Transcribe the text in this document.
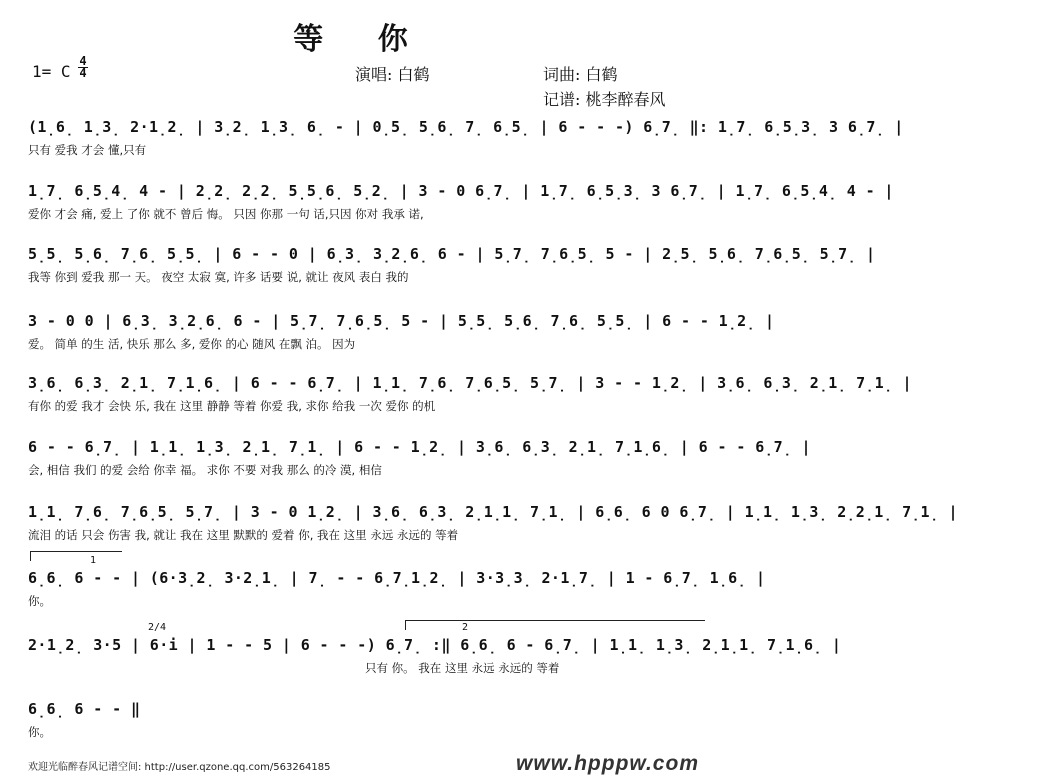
等 你
1= C
4
4	演唱: 白鹤	词曲: 白鹤
记谱: 桃李醉春风
(1̣6̣ 1̣3̣ 2·1̣2̣ | 3̣2̣ 1̣3̣ 6̣ - | 0̣5̣ 5̣6̣ 7̣ 6̣5̣ | 6 - - -) 6̣7̣ ‖: 1̣7̣ 6̣5̣3̣ 3 6̣7̣ |
只有 爱我 才会 懂,只有
1̣7̣ 6̣5̣4̣ 4 - | 2̣2̣ 2̣2̣ 5̣5̣6̣ 5̣2̣ | 3 - 0 6̣7̣ | 1̣7̣ 6̣5̣3̣ 3 6̣7̣ | 1̣7̣ 6̣5̣4̣ 4 - |
爱你 才会 痛, 爱上 了你 就不 曾后 悔。 只因 你那 一句 话,只因 你对 我承 诺,
5̣5̣ 5̣6̣ 7̣6̣ 5̣5̣ | 6 - - 0 | 6̣3̣ 3̣2̣6̣ 6 - | 5̣7̣ 7̣6̣5̣ 5 - | 2̣5̣ 5̣6̣ 7̣6̣5̣ 5̣7̣ |
我等 你到 爱我 那一 天。 夜空 太寂 寞, 许多 话要 说, 就让 夜风 表白 我的
3 - 0 0 | 6̣3̣ 3̣2̣6̣ 6 - | 5̣7̣ 7̣6̣5̣ 5 - | 5̣5̣ 5̣6̣ 7̣6̣ 5̣5̣ | 6 - - 1̣2̣ |
爱。 简单 的生 活, 快乐 那么 多, 爱你 的心 随风 在飘 泊。 因为
3̣6̣ 6̣3̣ 2̣1̣ 7̣1̣6̣ | 6 - - 6̣7̣ | 1̣1̣ 7̣6̣ 7̣6̣5̣ 5̣7̣ | 3 - - 1̣2̣ | 3̣6̣ 6̣3̣ 2̣1̣ 7̣1̣ |
有你 的爱 我才 会快 乐, 我在 这里 静静 等着 你爱 我, 求你 给我 一次 爱你 的机
6 - - 6̣7̣ | 1̣1̣ 1̣3̣ 2̣1̣ 7̣1̣ | 6 - - 1̣2̣ | 3̣6̣ 6̣3̣ 2̣1̣ 7̣1̣6̣ | 6 - - 6̣7̣ |
会, 相信 我们 的爱 会给 你幸 福。 求你 不要 对我 那么 的冷 漠, 相信
1̣1̣ 7̣6̣ 7̣6̣5̣ 5̣7̣ | 3 - 0 1̣2̣ | 3̣6̣ 6̣3̣ 2̣1̣1̣ 7̣1̣ | 6̣6̣ 6 0 6̣7̣ | 1̣1̣ 1̣3̣ 2̣2̣1̣ 7̣1̣ |
流泪 的话 只会 伤害 我, 就让 我在 这里 默默的 爱着 你, 我在 这里 永远 永远的 等着
6̣6̣ 6 - - | (6·3̣2̣ 3·2̣1̣ | 7̣ - - 6̣7̣1̣2̣ | 3·3̣3̣ 2·1̣7̣ | 1 - 6̣7̣ 1̣6̣ |
你。
1
2·1̣2̣ 3·5 | 6·i | 1 - - 5 | 6 - - -) 6̣7̣ :‖ 6̣6̣ 6 - 6̣7̣ | 1̣1̣ 1̣3̣ 2̣1̣1̣ 7̣1̣6̣ |
只有 你。 我在 这里 永远 永远的 等着
2/4	2
6̣6̣ 6 - - ‖
你。
欢迎光临醉春风记谱空间: http://user.qzone.qq.com/563264185	www.hpppw.com
